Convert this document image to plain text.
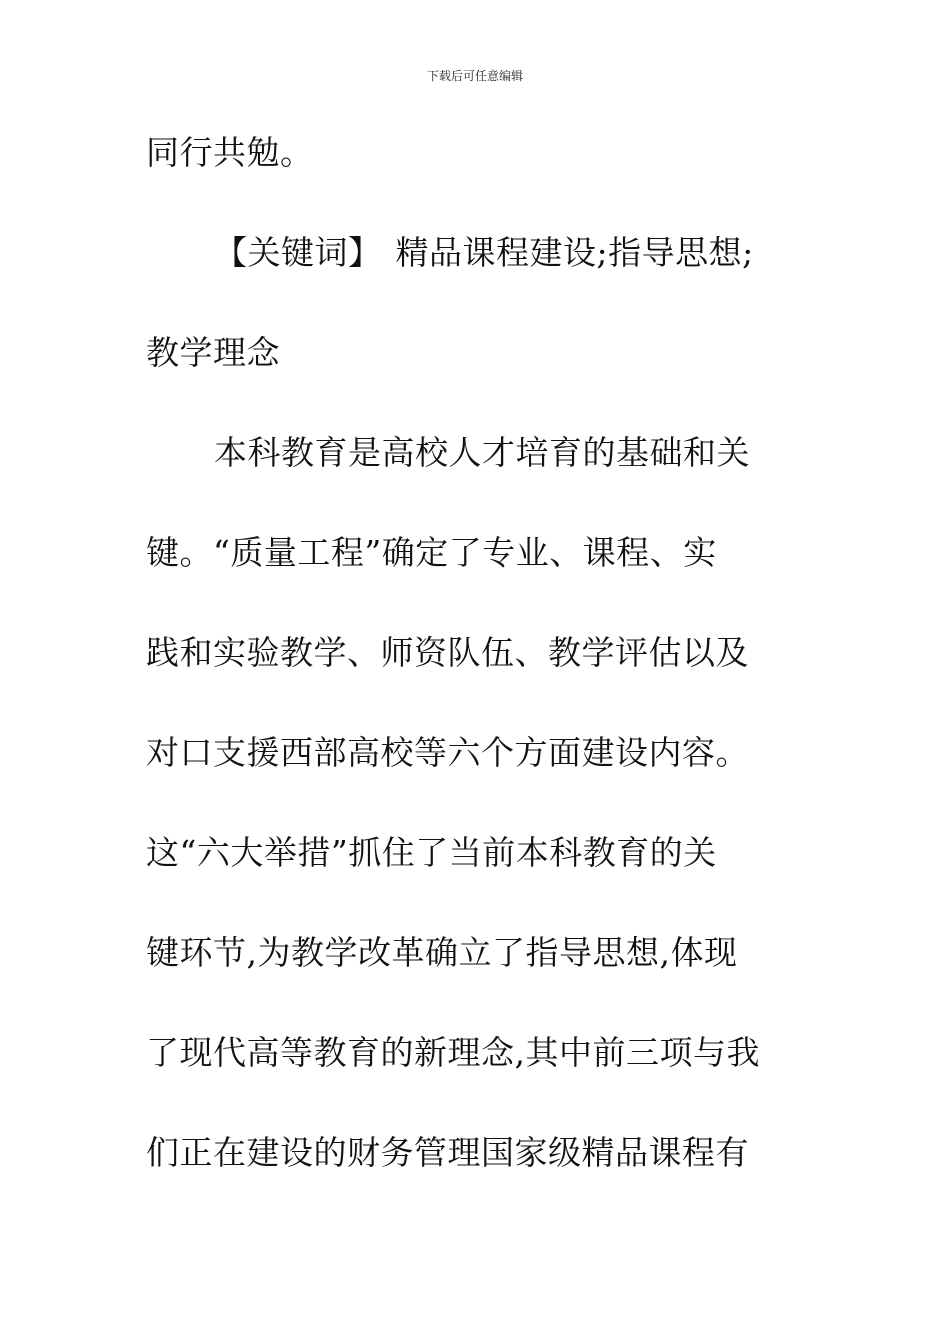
下载后可任意编辑
同行共勉。
【关键词】 精品课程建设;指导思想;
教学理念
本科教育是高校人才培育的基础和关
键。“质量工程”确定了专业、课程、实
践和实验教学、师资队伍、教学评估以及
对口支援西部高校等六个方面建设内容。
这“六大举措”抓住了当前本科教育的关
键环节,为教学改革确立了指导思想,体现
了现代高等教育的新理念,其中前三项与我
们正在建设的财务管理国家级精品课程有
